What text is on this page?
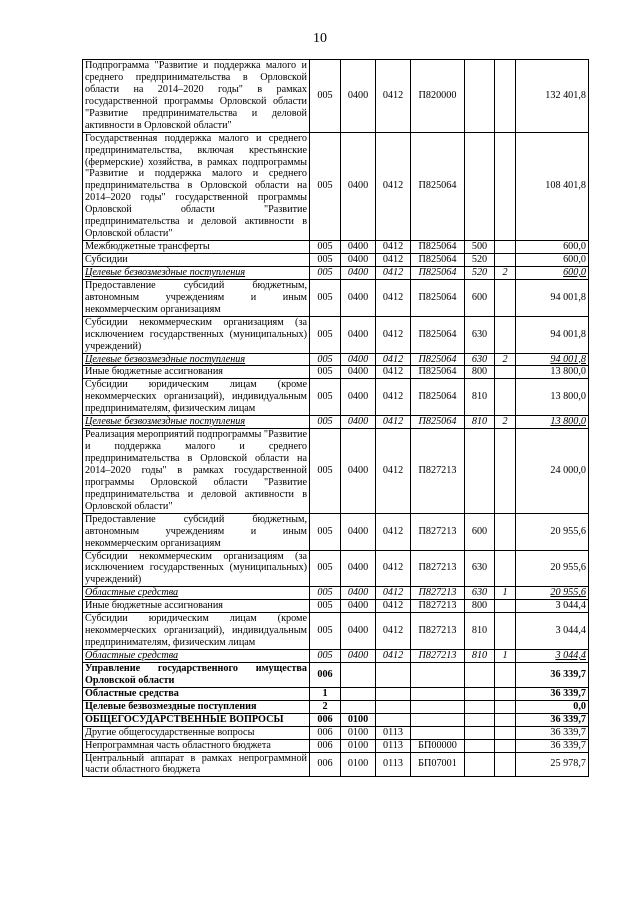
10
Подпрограмма "Развитие и поддержка малого и среднего предпринимательства в Орловской области на 2014–2020 годы" в рамках государственной программы Орловской области "Развитие предпринимательства и деловой активности в Орловской области"	005	0400	0412	П820000			132 401,8
Государственная поддержка малого и среднего предпринимательства, включая крестьянские (фермерские) хозяйства, в рамках подпрограммы "Развитие и поддержка малого и среднего предпринимательства в Орловской области на 2014–2020 годы" государственной программы Орловской области "Развитие предпринимательства и деловой активности в Орловской области"	005	0400	0412	П825064			108 401,8
Межбюджетные трансферты	005	0400	0412	П825064	500		600,0
Субсидии	005	0400	0412	П825064	520		600,0
Целевые безвозмездные поступления	005	0400	0412	П825064	520	2	600,0
Предоставление субсидий бюджетным, автономным учреждениям и иным некоммерческим организациям	005	0400	0412	П825064	600		94 001,8
Субсидии некоммерческим организациям (за исключением государственных (муниципальных) учреждений)	005	0400	0412	П825064	630		94 001,8
Целевые безвозмездные поступления	005	0400	0412	П825064	630	2	94 001,8
Иные бюджетные ассигнования	005	0400	0412	П825064	800		13 800,0
Субсидии юридическим лицам (кроме некоммерческих организаций), индивидуальным предпринимателям, физическим лицам	005	0400	0412	П825064	810		13 800,0
Целевые безвозмездные поступления	005	0400	0412	П825064	810	2	13 800,0
Реализация мероприятий подпрограммы "Развитие и поддержка малого и среднего предпринимательства в Орловской области на 2014–2020 годы" в рамках государственной программы Орловской области "Развитие предпринимательства и деловой активности в Орловской области"	005	0400	0412	П827213			24 000,0
Предоставление субсидий бюджетным, автономным учреждениям и иным некоммерческим организациям	005	0400	0412	П827213	600		20 955,6
Субсидии некоммерческим организациям (за исключением государственных (муниципальных) учреждений)	005	0400	0412	П827213	630		20 955,6
Областные средства	005	0400	0412	П827213	630	1	20 955,6
Иные бюджетные ассигнования	005	0400	0412	П827213	800		3 044,4
Субсидии юридическим лицам (кроме некоммерческих организаций), индивидуальным предпринимателям, физическим лицам	005	0400	0412	П827213	810		3 044,4
Областные средства	005	0400	0412	П827213	810	1	3 044,4
Управление государственного имущества Орловской области	006						36 339,7
Областные средства	1						36 339,7
Целевые безвозмездные поступления	2						0,0
ОБЩЕГОСУДАРСТВЕННЫЕ ВОПРОСЫ	006	0100					36 339,7
Другие общегосударственные вопросы	006	0100	0113				36 339,7
Непрограммная часть областного бюджета	006	0100	0113	БП00000			36 339,7
Центральный аппарат в рамках непрограммной части областного бюджета	006	0100	0113	БП07001			25 978,7
